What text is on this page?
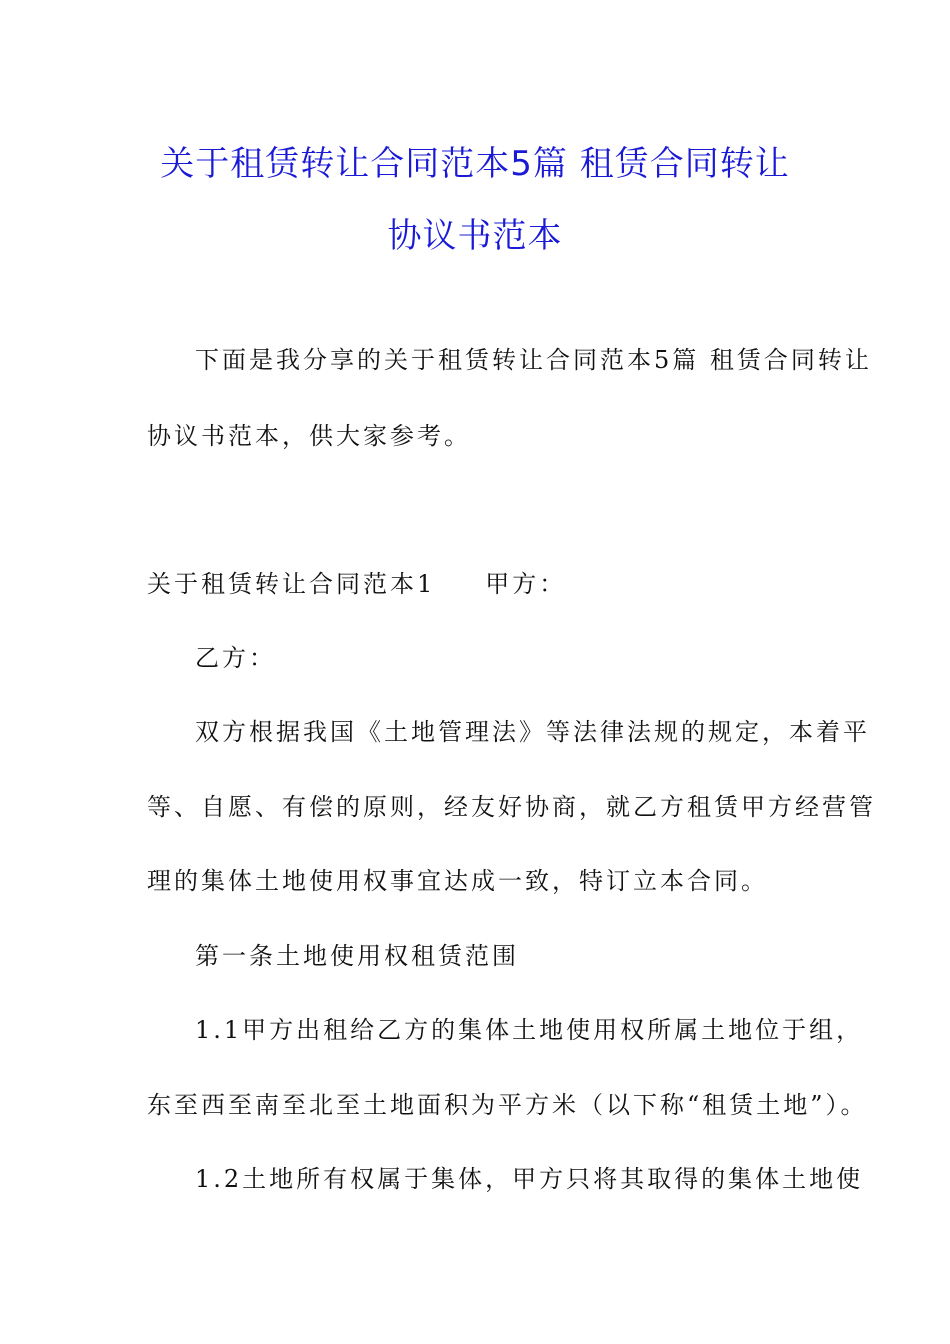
关于租赁转让合同范本5篇 租赁合同转让
协议书范本
下面是我分享的关于租赁转让合同范本5篇 租赁合同转让
协议书范本，供大家参考。
关于租赁转让合同范本1 甲方：
乙方：
双方根据我国《土地管理法》等法律法规的规定，本着平
等、自愿、有偿的原则，经友好协商，就乙方租赁甲方经营管
理的集体土地使用权事宜达成一致，特订立本合同。
第一条土地使用权租赁范围
1.1甲方出租给乙方的集体土地使用权所属土地位于组，
东至西至南至北至土地面积为平方米（以下称“租赁土地”）。
1.2土地所有权属于集体，甲方只将其取得的集体土地使
